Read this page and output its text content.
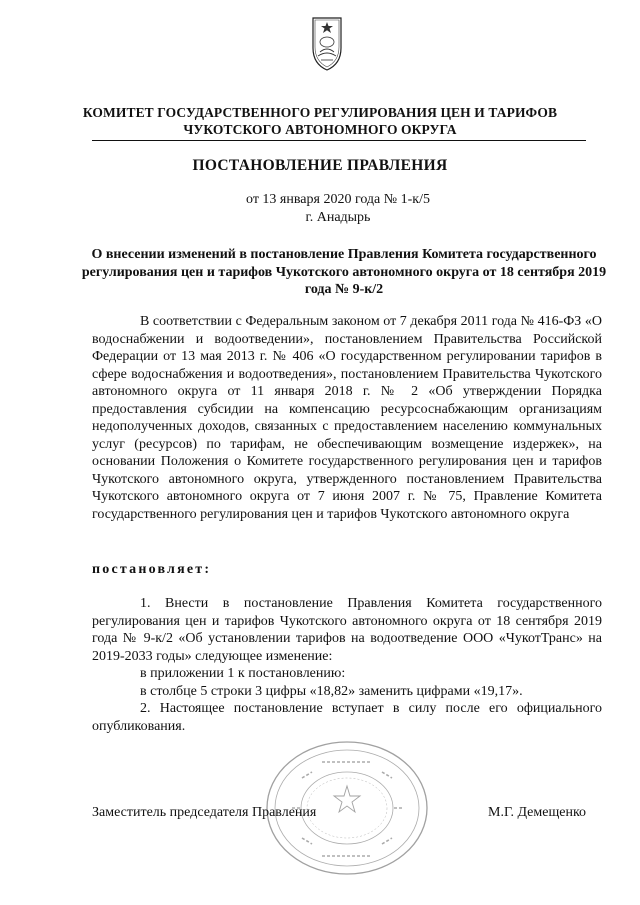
КОМИТЕТ ГОСУДАРСТВЕННОГО РЕГУЛИРОВАНИЯ ЦЕН И ТАРИФОВ
ЧУКОТСКОГО АВТОНОМНОГО ОКРУГА
ПОСТАНОВЛЕНИЕ ПРАВЛЕНИЯ
от 13 января 2020 года № 1-к/5
г. Анадырь
О внесении изменений в постановление Правления Комитета государственного регулирования цен и тарифов Чукотского автономного округа от 18 сентября 2019 года № 9-к/2
В соответствии с Федеральным законом от 7 декабря 2011 года № 416-ФЗ «О водоснабжении и водоотведении», постановлением Правительства Российской Федерации от 13 мая 2013 г. № 406 «О государственном регулировании тарифов в сфере водоснабжения и водоотведения», постановлением Правительства Чукотского автономного округа от 11 января 2018 г. № 2 «Об утверждении Порядка предоставления субсидии на компенсацию ресурсоснабжающим организациям недополученных доходов, связанных с предоставлением населению коммунальных услуг (ресурсов) по тарифам, не обеспечивающим возмещение издержек», на основании Положения о Комитете государственного регулирования цен и тарифов Чукотского автономного округа, утвержденного постановлением Правительства Чукотского автономного округа от 7 июня 2007 г. № 75, Правление Комитета государственного регулирования цен и тарифов Чукотского автономного округа
постановляет:
1. Внести в постановление Правления Комитета государственного регулирования цен и тарифов Чукотского автономного округа от 18 сентября 2019 года № 9-к/2 «Об установлении тарифов на водоотведение ООО «ЧукотТранс» на 2019-2033 годы» следующее изменение:
в приложении 1 к постановлению:
в столбце 5 строки 3 цифры «18,82» заменить цифрами «19,17».
2. Настоящее постановление вступает в силу после его официального опубликования.
Заместитель председателя Правления	М.Г. Демещенко
